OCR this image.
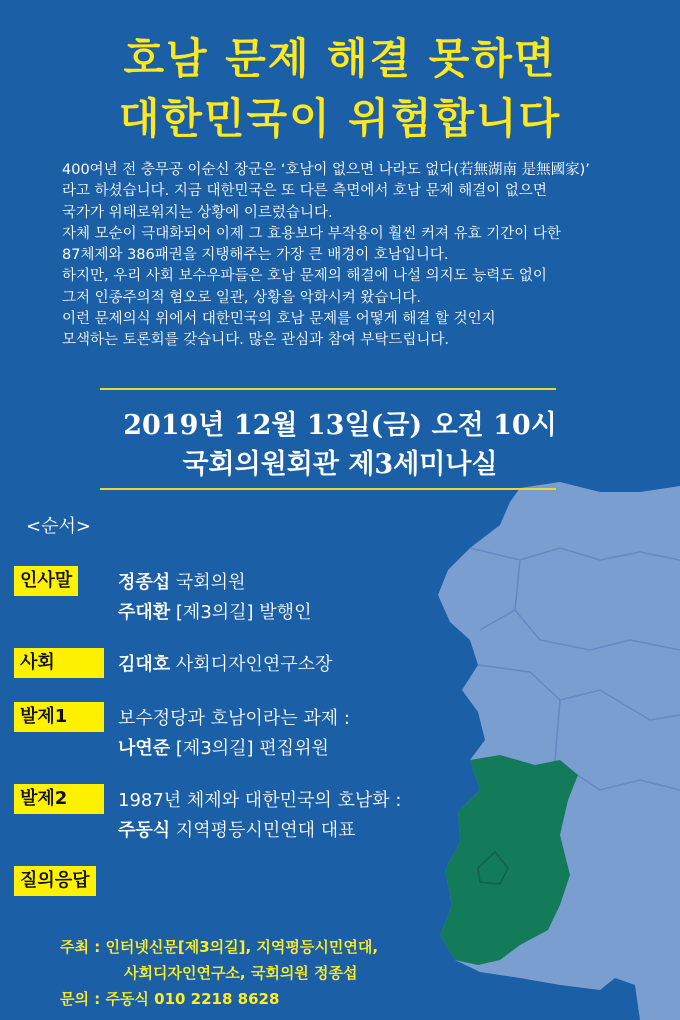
호남 문제 해결 못하면
대한민국이 위험합니다
400여년 전 충무공 이순신 장군은 ‘호남이 없으면 나라도 없다(若無湖南 是無國家)’
라고 하셨습니다. 지금 대한민국은 또 다른 측면에서 호남 문제 해결이 없으면
국가가 위태로워지는 상황에 이르렀습니다.
자체 모순이 극대화되어 이제 그 효용보다 부작용이 훨씬 커져 유효 기간이 다한
87체제와 386패권을 지탱해주는 가장 큰 배경이 호남입니다.
하지만, 우리 사회 보수우파들은 호남 문제의 해결에 나설 의지도 능력도 없이
그저 인종주의적 혐오로 일관, 상황을 악화시켜 왔습니다.
이런 문제의식 위에서 대한민국의 호남 문제를 어떻게 해결 할 것인지
모색하는 토론회를 갖습니다. 많은 관심과 참여 부탁드립니다.
2019년 12월 13일(금) 오전 10시
국회의원회관 제3세미나실
<순서>
인사말	정종섭 국회의원
주대환 [제3의길] 발행인
사회	김대호 사회디자인연구소장
발제1	보수정당과 호남이라는 과제 :
나연준 [제3의길] 편집위원
발제2	1987년 체제와 대한민국의 호남화 :
주동식 지역평등시민연대 대표
질의응답
주최 : 인터넷신문[제3의길], 지역평등시민연대,
사회디자인연구소, 국회의원 정종섭
문의 : 주동식 010 2218 8628
